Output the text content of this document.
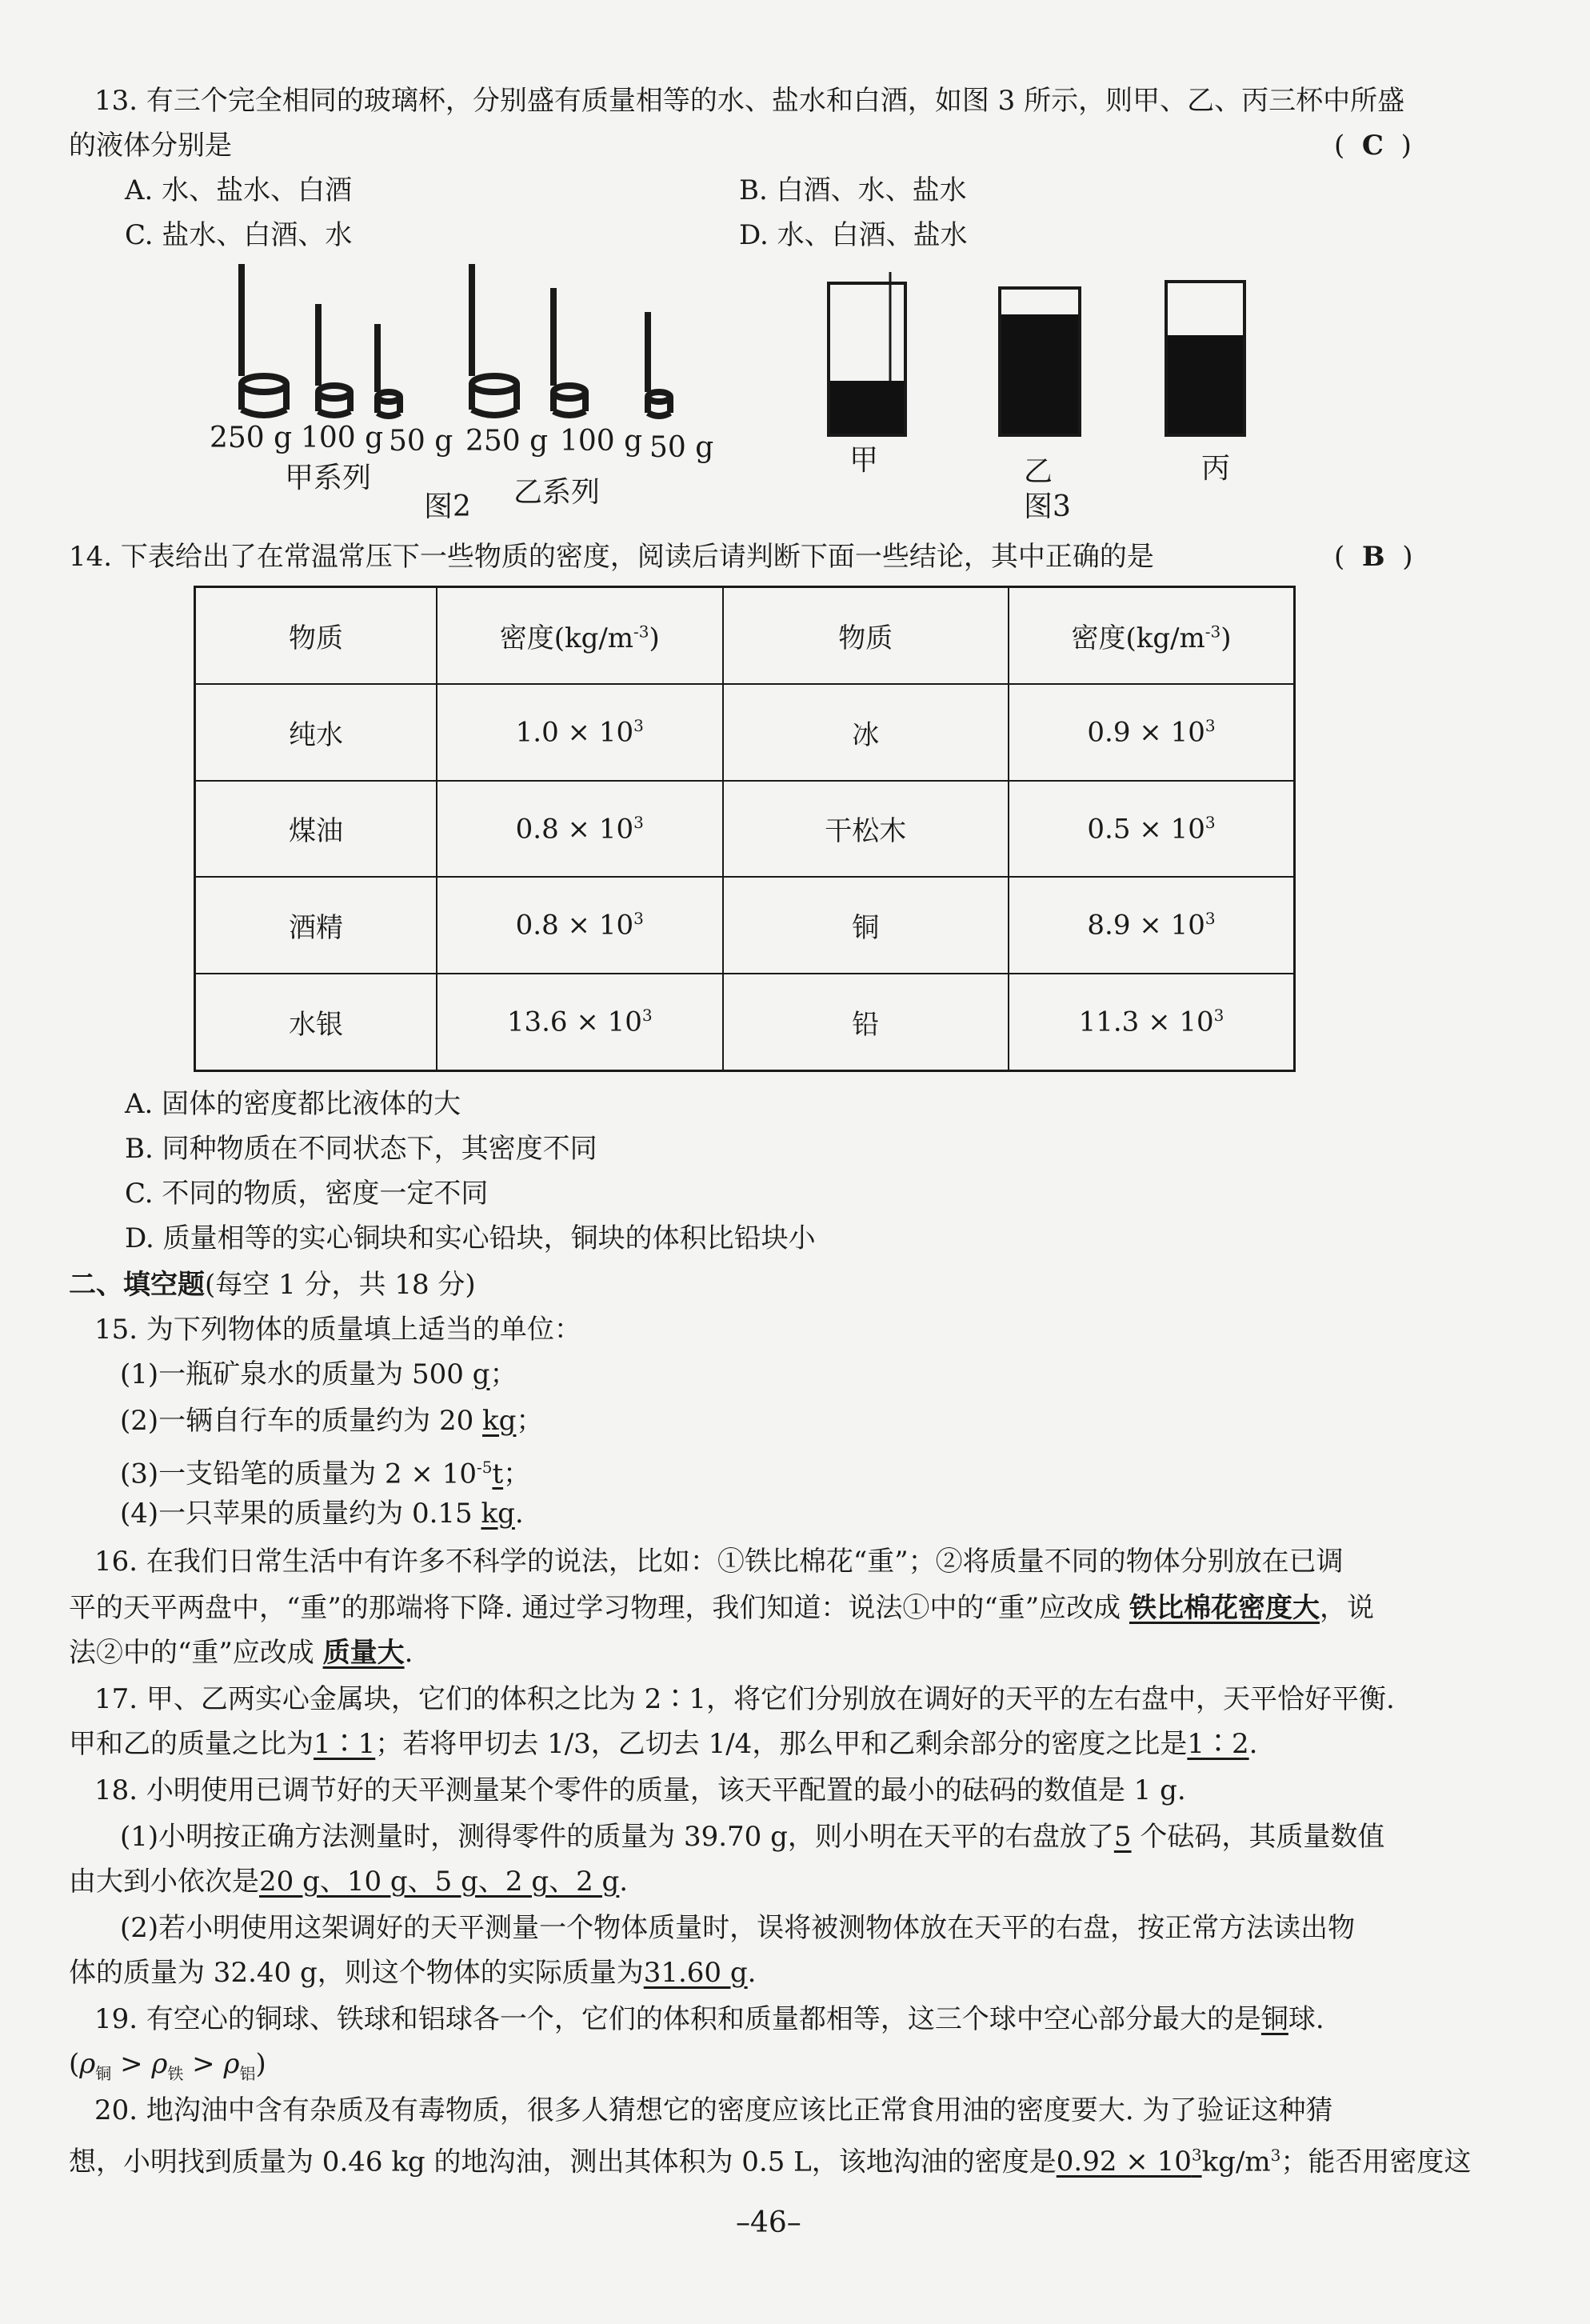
13. 有三个完全相同的玻璃杯，分别盛有质量相等的水、盐水和白酒，如图 3 所示，则甲、乙、丙三杯中所盛
的液体分别是	(  C  )
A. 水、盐水、白酒	B. 白酒、水、盐水
C. 盐水、白酒、水	D. 水、白酒、盐水
250 g 100 g 50 g 250 g 100 g 50 g
甲系列	乙系列
图2
甲	乙	丙
图3
14. 下表给出了在常温常压下一些物质的密度，阅读后请判断下面一些结论，其中正确的是	(  B  )
物质	密度$(kg/m^{-3})$	物质	密度$(kg/m^{-3})$
纯水	$1.0 \times 10^3$	冰	$0.9 \times 10^3$
煤油	$0.8 \times 10^3$	干松木	$0.5 \times 10^3$
酒精	$0.8 \times 10^3$	铜	$8.9 \times 10^3$
水银	$13.6 \times 10^3$	铅	$11.3 \times 10^3$
A. 固体的密度都比液体的大
B. 同种物质在不同状态下，其密度不同
C. 不同的物质，密度一定不同
D. 质量相等的实心铜块和实心铅块，铜块的体积比铅块小
二、填空题(每空 1 分，共 18 分)
15. 为下列物体的质量填上适当的单位：
(1)一瓶矿泉水的质量为 500 g；
(2)一辆自行车的质量约为 20 kg；
(3)一支铅笔的质量为 $2 \times 10^{-5}t$；
(4)一只苹果的质量约为 0.15 kg.
16. 在我们日常生活中有许多不科学的说法，比如：①铁比棉花“重”；②将质量不同的物体分别放在已调
平的天平两盘中，“重”的那端将下降. 通过学习物理，我们知道：说法①中的“重”应改成 铁比棉花密度大，说
法②中的“重”应改成 质量大.
17. 甲、乙两实心金属块，它们的体积之比为 2∶1，将它们分别放在调好的天平的左右盘中，天平恰好平衡.
甲和乙的质量之比为1∶1；若将甲切去 1/3，乙切去 1/4，那么甲和乙剩余部分的密度之比是1∶2.
18. 小明使用已调节好的天平测量某个零件的质量，该天平配置的最小的砝码的数值是 1 g.
(1)小明按正确方法测量时，测得零件的质量为 39.70 g，则小明在天平的右盘放了5 个砝码，其质量数值
由大到小依次是20 g、10 g、5 g、2 g、2 g.
(2)若小明使用这架调好的天平测量一个物体质量时，误将被测物体放在天平的右盘，按正常方法读出物
体的质量为 32.40 g，则这个物体的实际质量为31.60 g.
19. 有空心的铜球、铁球和铝球各一个，它们的体积和质量都相等，这三个球中空心部分最大的是铜球.
$(\rho_铜 > \rho_铁 > \rho_铝)$
20. 地沟油中含有杂质及有毒物质，很多人猜想它的密度应该比正常食用油的密度要大. 为了验证这种猜
想，小明找到质量为 0.46 kg 的地沟油，测出其体积为 0.5 L，该地沟油的密度是$0.92 \times 10^3kg/m^3$；能否用密度这
–46–
